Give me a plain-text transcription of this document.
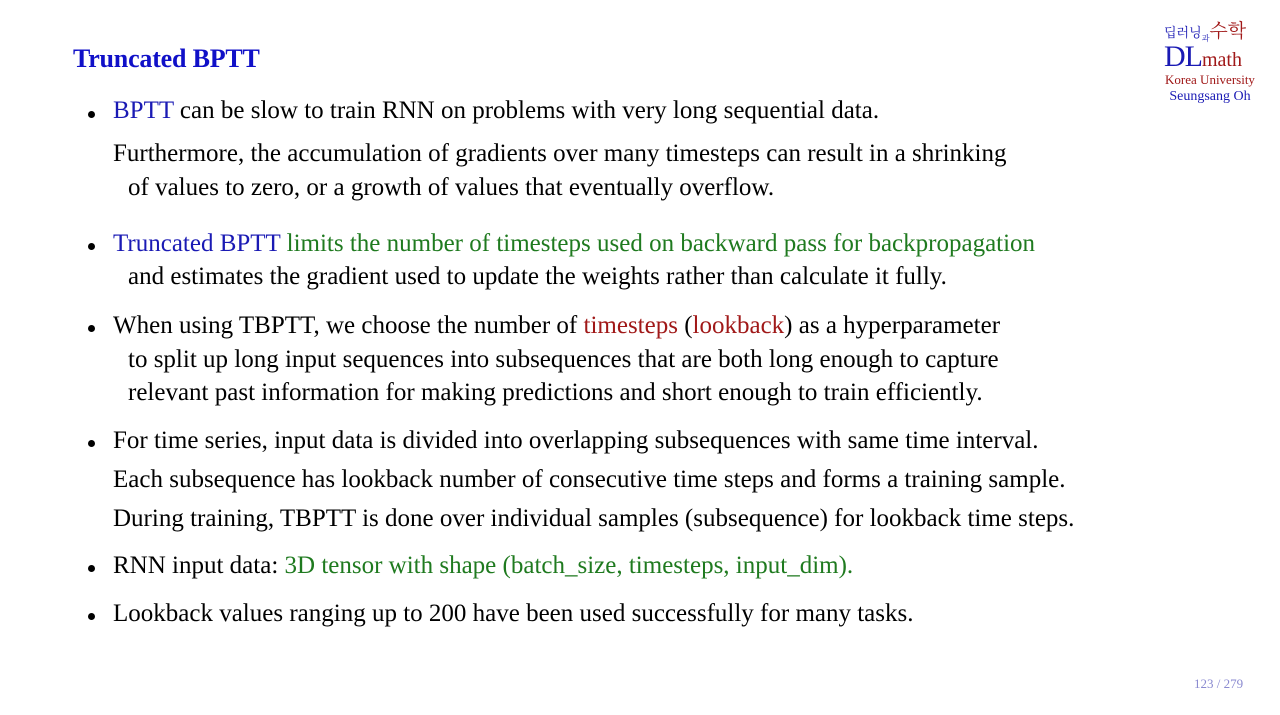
Truncated BPTT
딥러닝$_과$수학
DLmath
Korea University
Seungsang Oh
BPTT can be slow to train RNN on problems with very long sequential data.
Furthermore, the accumulation of gradients over many timesteps can result in a shrinking
of values to zero, or a growth of values that eventually overflow.
Truncated BPTT limits the number of timesteps used on backward pass for backpropagation
and estimates the gradient used to update the weights rather than calculate it fully.
When using TBPTT, we choose the number of timesteps (lookback) as a hyperparameter
to split up long input sequences into subsequences that are both long enough to capture
relevant past information for making predictions and short enough to train efficiently.
For time series, input data is divided into overlapping subsequences with same time interval.
Each subsequence has lookback number of consecutive time steps and forms a training sample.
During training, TBPTT is done over individual samples (subsequence) for lookback time steps.
RNN input data: 3D tensor with shape (batch_size, timesteps, input_dim).
Lookback values ranging up to 200 have been used successfully for many tasks.
123 / 279
